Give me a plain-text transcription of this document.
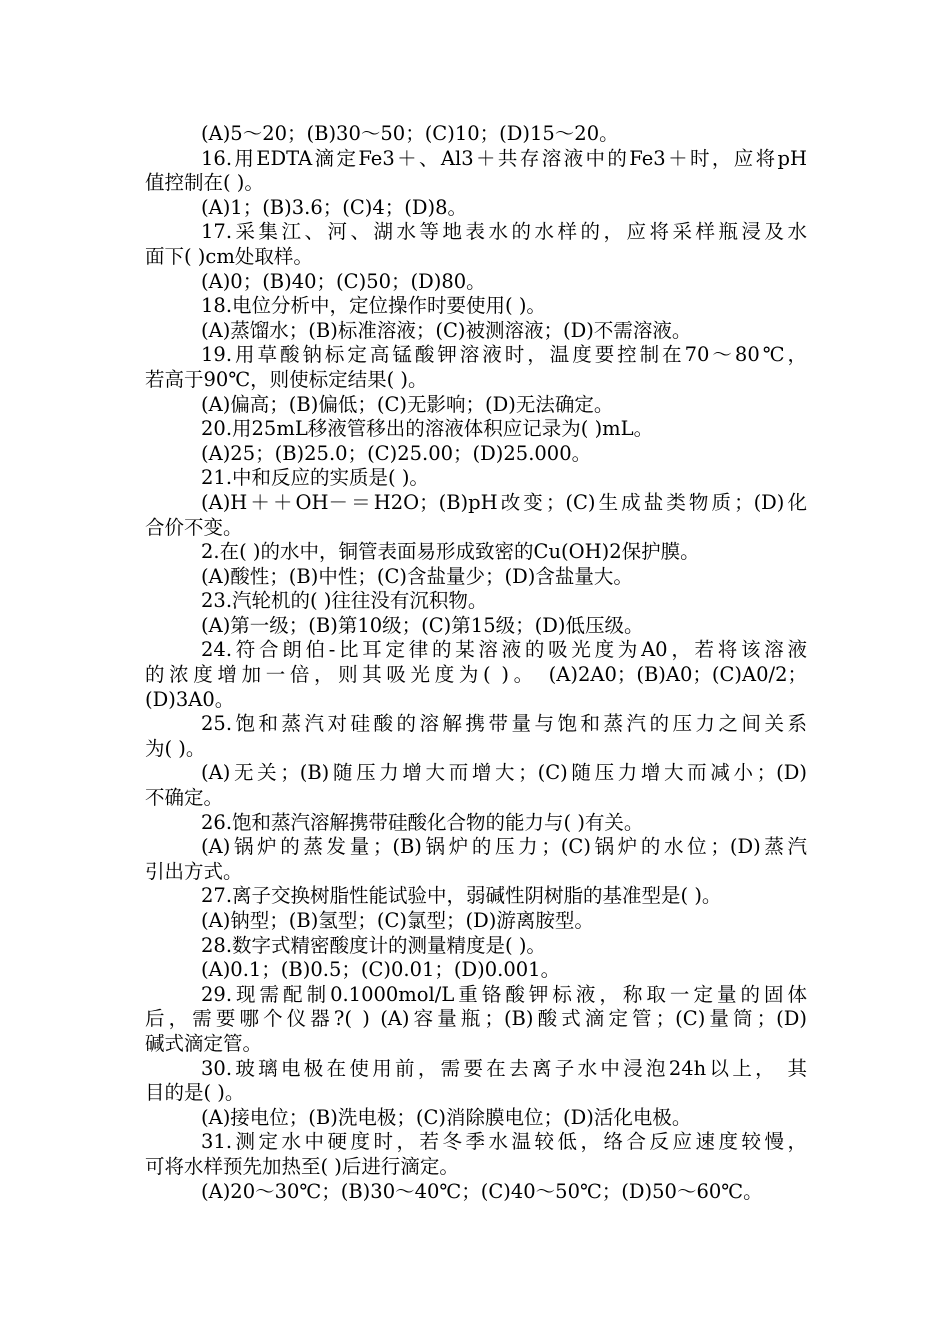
(A)5～20；(B)30～50；(C)10；(D)15～20。
16.用EDTA滴定Fe3＋、Al3＋共存溶液中的Fe3＋时，应将pH
值控制在( )。
(A)1；(B)3.6；(C)4；(D)8。
17.采集江、河、湖水等地表水的水样的，应将采样瓶浸及水
面下( )cm处取样。
(A)0；(B)40；(C)50；(D)80。
18.电位分析中，定位操作时要使用( )。
(A)蒸馏水；(B)标准溶液；(C)被测溶液；(D)不需溶液。
19.用草酸钠标定高锰酸钾溶液时，温度要控制在70～80℃，
若高于90℃，则使标定结果( )。
(A)偏高；(B)偏低；(C)无影响；(D)无法确定。
20.用25mL移液管移出的溶液体积应记录为( )mL。
(A)25；(B)25.0；(C)25.00；(D)25.000。
21.中和反应的实质是( )。
(A)H＋＋OH－＝H2O；(B)pH改变；(C)生成盐类物质；(D)化
合价不变。
2.在( )的水中，铜管表面易形成致密的Cu(OH)2保护膜。
(A)酸性；(B)中性；(C)含盐量少；(D)含盐量大。
23.汽轮机的( )往往没有沉积物。
(A)第一级；(B)第10级；(C)第15级；(D)低压级。
24.符合朗伯-比耳定律的某溶液的吸光度为A0，若将该溶液
的浓度增加一倍，则其吸光度为( )。 (A)2A0；(B)A0；(C)A0/2；
(D)3A0。
25.饱和蒸汽对硅酸的溶解携带量与饱和蒸汽的压力之间关系
为( )。
(A)无关；(B)随压力增大而增大；(C)随压力增大而减小；(D)
不确定。
26.饱和蒸汽溶解携带硅酸化合物的能力与( )有关。
(A)锅炉的蒸发量；(B)锅炉的压力；(C)锅炉的水位；(D)蒸汽
引出方式。
27.离子交换树脂性能试验中，弱碱性阴树脂的基准型是( )。
(A)钠型；(B)氢型；(C)氯型；(D)游离胺型。
28.数字式精密酸度计的测量精度是( )。
(A)0.1；(B)0.5；(C)0.01；(D)0.001。
29.现需配制0.1000mol/L重铬酸钾标液，称取一定量的固体
后，需要哪个仪器?( ) (A)容量瓶；(B)酸式滴定管；(C)量筒；(D)
碱式滴定管。
30.玻璃电极在使用前，需要在去离子水中浸泡24h以上， 其
目的是( )。
(A)接电位；(B)洗电极；(C)消除膜电位；(D)活化电极。
31.测定水中硬度时，若冬季水温较低，络合反应速度较慢，
可将水样预先加热至( )后进行滴定。
(A)20～30℃；(B)30～40℃；(C)40～50℃；(D)50～60℃。
